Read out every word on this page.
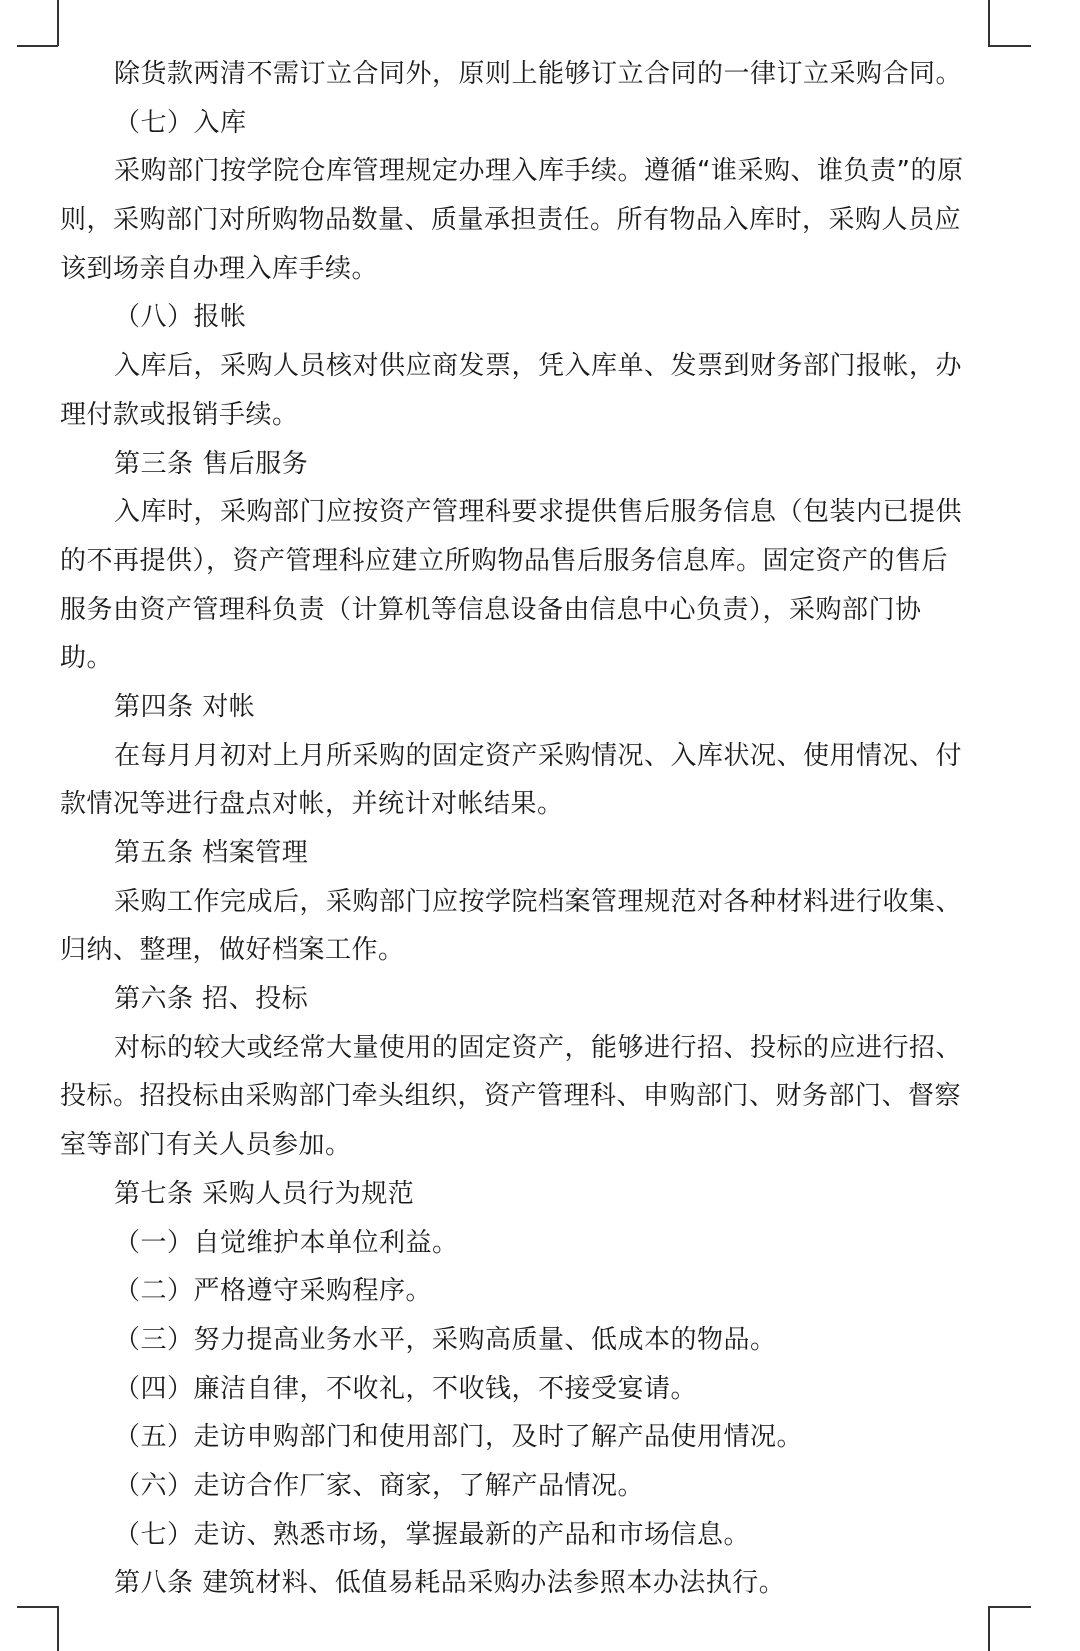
除货款两清不需订立合同外，原则上能够订立合同的一律订立采购合同。
（七）入库
采购部门按学院仓库管理规定办理入库手续。遵循“谁采购、谁负责”的原
则，采购部门对所购物品数量、质量承担责任。所有物品入库时，采购人员应
该到场亲自办理入库手续。
（八）报帐
入库后，采购人员核对供应商发票，凭入库单、发票到财务部门报帐，办
理付款或报销手续。
第三条 售后服务
入库时，采购部门应按资产管理科要求提供售后服务信息（包装内已提供
的不再提供），资产管理科应建立所购物品售后服务信息库。固定资产的售后
服务由资产管理科负责（计算机等信息设备由信息中心负责），采购部门协
助。
第四条 对帐
在每月月初对上月所采购的固定资产采购情况、入库状况、使用情况、付
款情况等进行盘点对帐，并统计对帐结果。
第五条 档案管理
采购工作完成后，采购部门应按学院档案管理规范对各种材料进行收集、
归纳、整理，做好档案工作。
第六条 招、投标
对标的较大或经常大量使用的固定资产，能够进行招、投标的应进行招、
投标。招投标由采购部门牵头组织，资产管理科、申购部门、财务部门、督察
室等部门有关人员参加。
第七条 采购人员行为规范
（一）自觉维护本单位利益。
（二）严格遵守采购程序。
（三）努力提高业务水平，采购高质量、低成本的物品。
（四）廉洁自律，不收礼，不收钱，不接受宴请。
（五）走访申购部门和使用部门，及时了解产品使用情况。
（六）走访合作厂家、商家，了解产品情况。
（七）走访、熟悉市场，掌握最新的产品和市场信息。
第八条 建筑材料、低值易耗品采购办法参照本办法执行。
